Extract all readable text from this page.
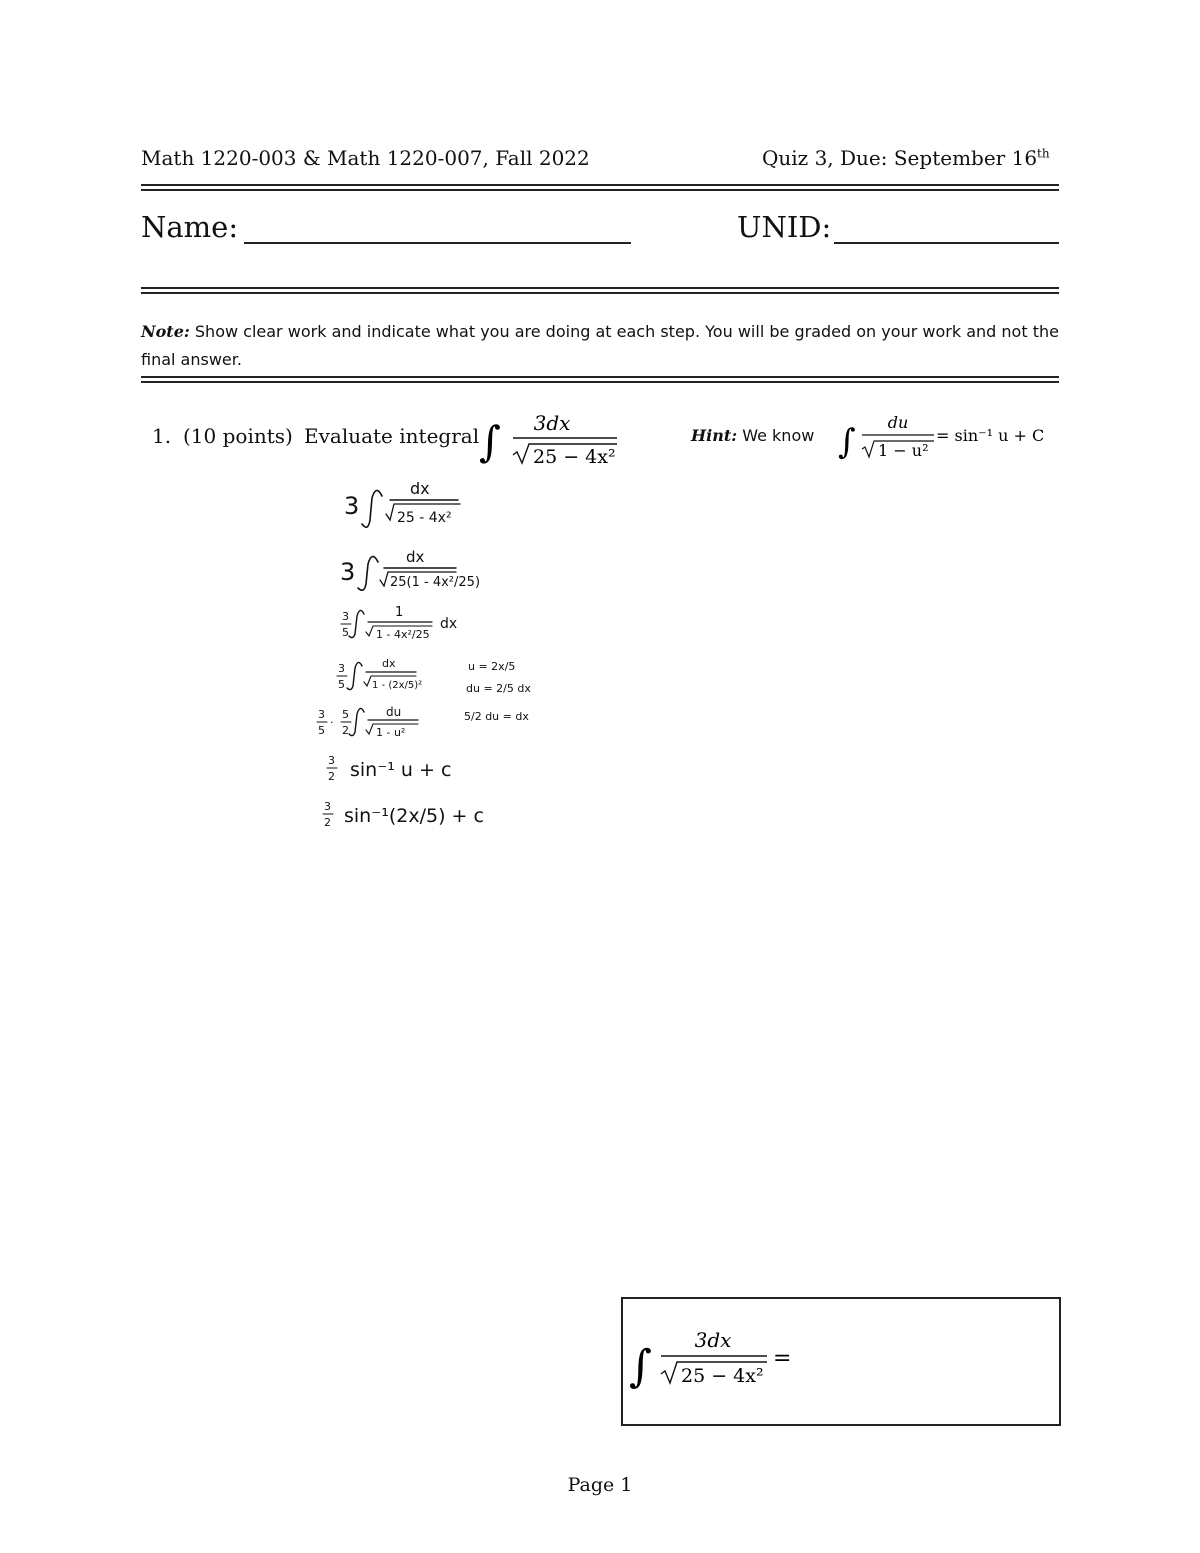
Math 1220-003 & Math 1220-007, Fall 2022	Quiz 3, Due: September 16th
Name:	UNID:
Note: Show clear work and indicate what you are doing at each step. You will be graded on your work and not the final answer.
1. (10 points) Evaluate integral ∫ 3dx
25 − 4x²
Hint: We know ∫ du
1 − u²
= sin⁻¹ u + C
3
dx
25 - 4x²
3
dx
25(1 - 4x²/25)
3
5
1
1 - 4x²/25
dx
3
5
dx
1 - (2x/5)²
u = 2x/5
du = 2/5 dx
3
5
·
5
2
du
1 - u²
5/2 du = dx
3
2 sin⁻¹ u + c
3
2 sin⁻¹(2x/5) + c
∫
3dx
25 − 4x²
=
Page 1
